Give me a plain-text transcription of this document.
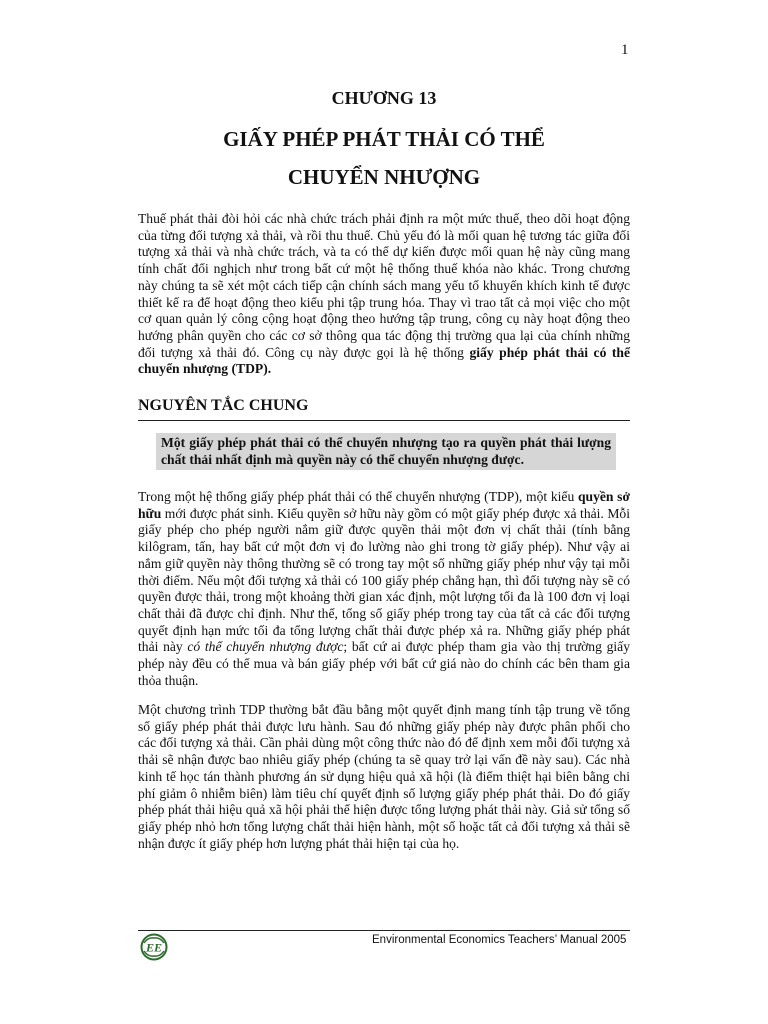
1
CHƯƠNG 13
GIẤY PHÉP PHÁT THẢI CÓ THỂ
CHUYỂN NHƯỢNG

Thuế phát thải đòi hỏi các nhà chức trách phải định ra một mức thuế, theo dõi hoạt động của từng đối tượng xả thải, và rồi thu thuế. Chủ yếu đó là mối quan hệ tương tác giữa đối tượng xả thải và nhà chức trách, và ta có thể dự kiến được mối quan hệ này cũng mang tính chất đối nghịch như trong bất cứ một hệ thống thuế khóa nào khác. Trong chương này chúng ta sẽ xét một cách tiếp cận chính sách mang yếu tố khuyến khích kinh tế được thiết kế ra để hoạt động theo kiểu phi tập trung hóa. Thay vì trao tất cả mọi việc cho một cơ quan quản lý công cộng hoạt động theo hướng tập trung, công cụ này hoạt động theo hướng phân quyền cho các cơ sở thông qua tác động thị trường qua lại của chính những đối tượng xả thải đó. Công cụ này được gọi là hệ thống giấy phép phát thải có thể chuyển nhượng (TDP).

NGUYÊN TẮC CHUNG
Một giấy phép phát thải có thể chuyển nhượng tạo ra quyền phát thải lượng chất thải nhất định mà quyền này có thể chuyển nhượng được.

Trong một hệ thống giấy phép phát thải có thể chuyển nhượng (TDP), một kiểu quyền sở hữu mới được phát sinh. Kiểu quyền sở hữu này gồm có một giấy phép được xả thải. Mỗi giấy phép cho phép người nắm giữ được quyền thải một đơn vị chất thải (tính bằng kilôgram, tấn, hay bất cứ một đơn vị đo lường nào ghi trong tờ giấy phép). Như vậy ai nắm giữ quyền này thông thường sẽ có trong tay một số những giấy phép như vậy tại mỗi thời điểm. Nếu một đối tượng xả thải có 100 giấy phép chẳng hạn, thì đối tượng này sẽ có quyền được thải, trong một khoảng thời gian xác định, một lượng tối đa là 100 đơn vị loại chất thải đã được chỉ định. Như thế, tổng số giấy phép trong tay của tất cả các đối tượng quyết định hạn mức tối đa tổng lượng chất thải được phép xả ra. Những giấy phép phát thải này có thể chuyển nhượng được; bất cứ ai được phép tham gia vào thị trường giấy phép này đều có thể mua và bán giấy phép với bất cứ giá nào do chính các bên tham gia thỏa thuận.

Một chương trình TDP thường bắt đầu bằng một quyết định mang tính tập trung về tổng số giấy phép phát thải được lưu hành. Sau đó những giấy phép này được phân phối cho các đối tượng xả thải. Cần phải dùng một công thức nào đó để định xem mỗi đối tượng xả thải sẽ nhận được bao nhiêu giấy phép (chúng ta sẽ quay trở lại vấn đề này sau). Các nhà kinh tế học tán thành phương án sử dụng hiệu quả xã hội (là điểm thiệt hại biên bằng chi phí giảm ô nhiễm biên) làm tiêu chí quyết định số lượng giấy phép phát thải. Do đó giấy phép phát thải hiệu quả xã hội phải thể hiện được tổng lượng phát thải này. Giả sử tổng số giấy phép nhỏ hơn tổng lượng chất thải hiện hành, một số hoặc tất cả đối tượng xả thải sẽ nhận được ít giấy phép hơn lượng phát thải hiện tại của họ.

EE
Environmental Economics Teachers’ Manual 2005
